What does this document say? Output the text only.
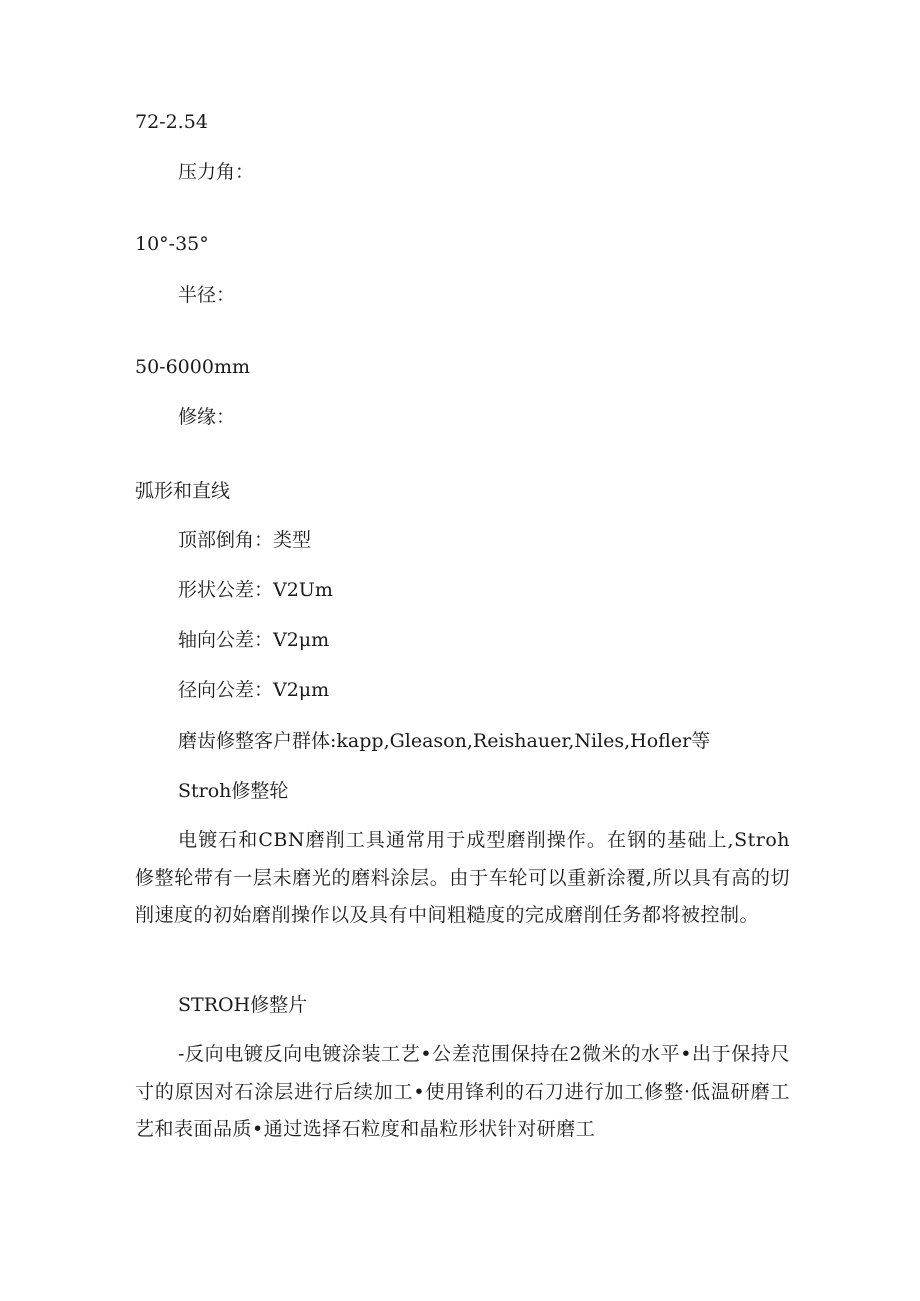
72-2.54
压力角：
10°-35°
半径：
50-6000mm
修缘：
弧形和直线
顶部倒角：类型
形状公差：V2Um
轴向公差：V2μm
径向公差：V2μm
磨齿修整客户群体:kapp,Gleason,Reishauer,Niles,Hofler等
Stroh修整轮
电镀石和CBN磨削工具通常用于成型磨削操作。在钢的基础上,Stroh修整轮带有一层未磨光的磨料涂层。由于车轮可以重新涂覆,所以具有高的切削速度的初始磨削操作以及具有中间粗糙度的完成磨削任务都将被控制。
STROH修整片
-反向电镀反向电镀涂装工艺•公差范围保持在2微米的水平•出于保持尺寸的原因对石涂层进行后续加工•使用锋利的石刀进行加工修整·低温研磨工艺和表面品质•通过选择石粒度和晶粒形状针对研磨工
